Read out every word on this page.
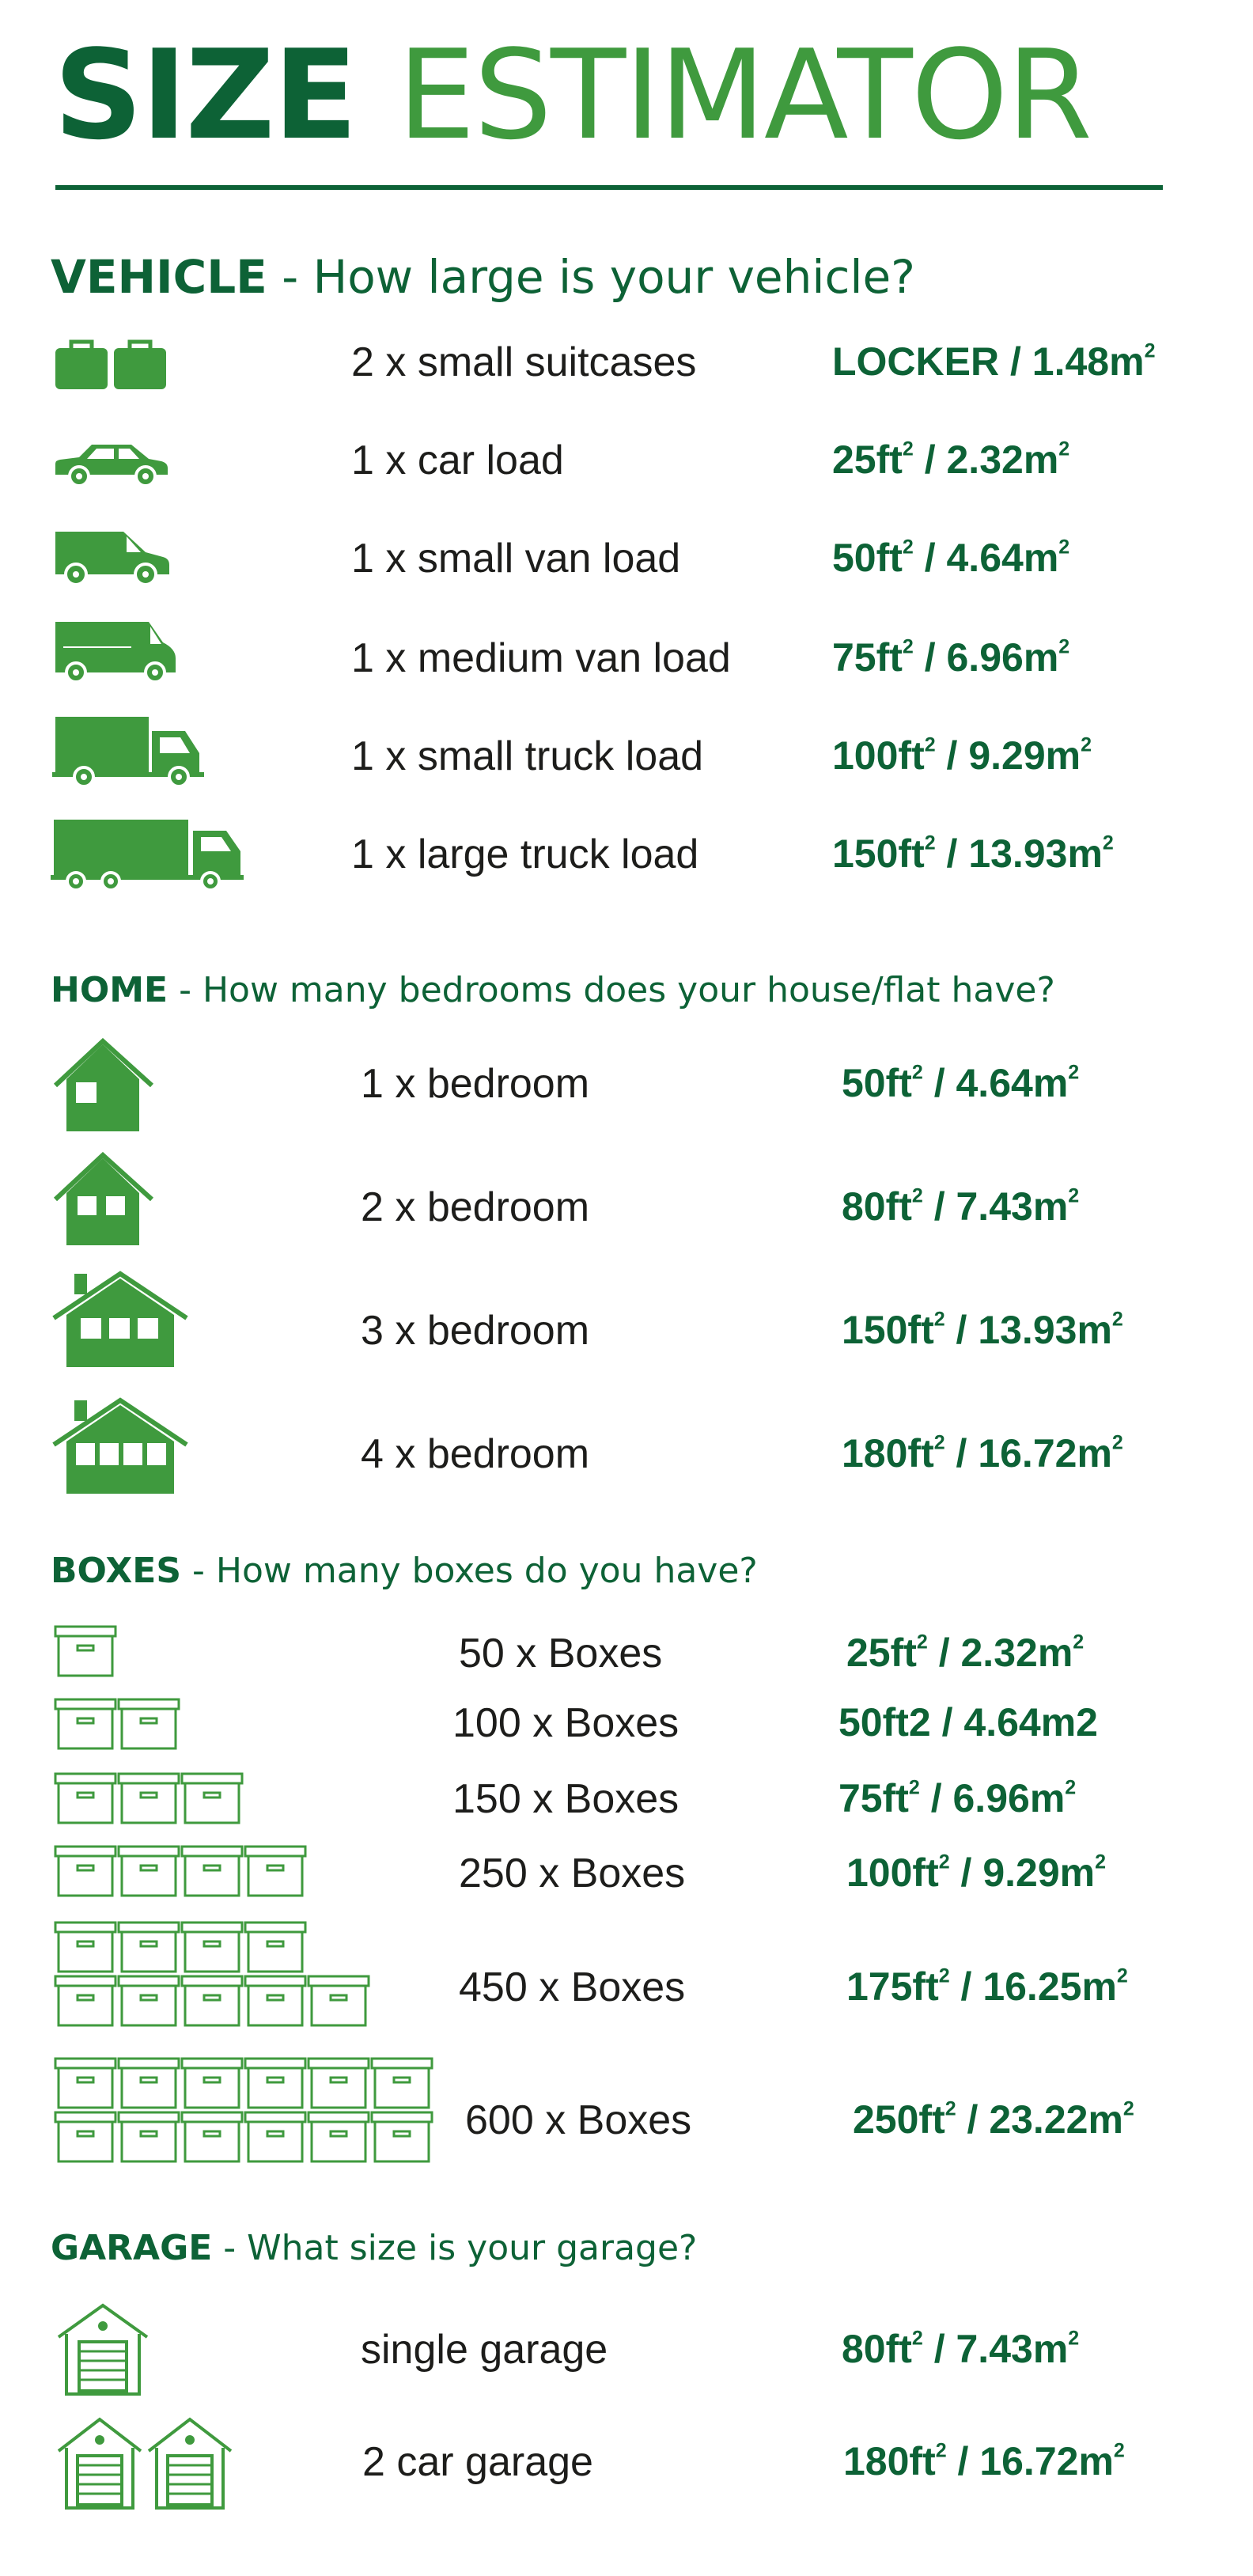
SIZE ESTIMATOR
VEHICLE - How large is your vehicle?
2 x small suitcases	LOCKER / $1.48m^2$
1 x car load	$25ft^2 / 2.32m^2$
1 x small van load	$50ft^2 / 4.64m^2$
1 x medium van load	$75ft^2 / 6.96m^2$
1 x small truck load	$100ft^2 / 9.29m^2$
1 x large truck load	$150ft^2 / 13.93m^2$
HOME - How many bedrooms does your house/flat have?
1 x bedroom	$50ft^2 / 4.64m^2$
2 x bedroom	$80ft^2 / 7.43m^2$
3 x bedroom	$150ft^2 / 13.93m^2$
4 x bedroom	$180ft^2 / 16.72m^2$
BOXES - How many boxes do you have?
50 x Boxes	$25ft^2 / 2.32m^2$
100 x Boxes	50ft2 / 4.64m2
150 x Boxes	$75ft^2 / 6.96m^2$
250 x Boxes	$100ft^2 / 9.29m^2$
450 x Boxes	$175ft^2 / 16.25m^2$
600 x Boxes	$250ft^2 / 23.22m^2$
GARAGE - What size is your garage?
single garage	$80ft^2 / 7.43m^2$
2 car garage	$180ft^2 / 16.72m^2$
